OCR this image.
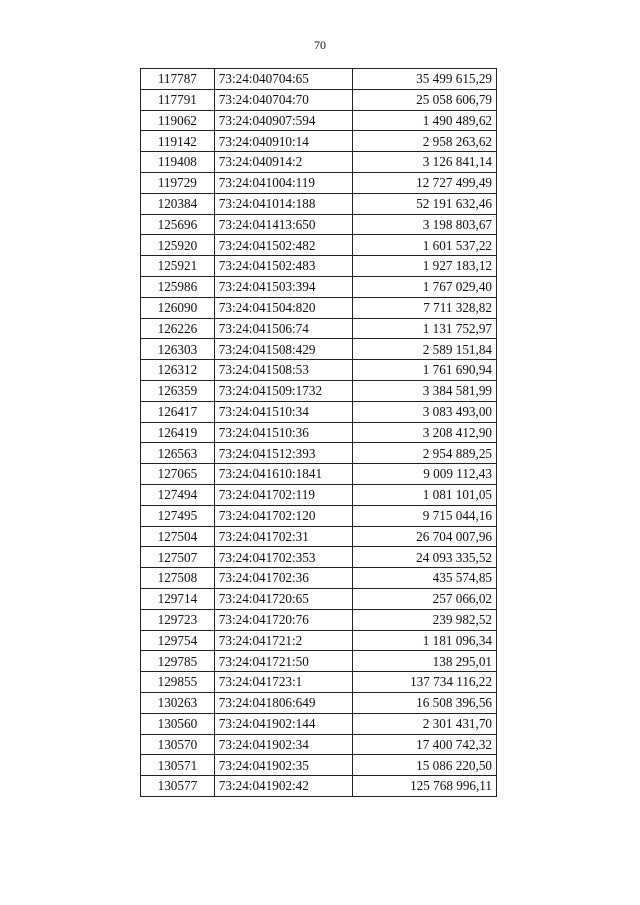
70
117787	73:24:040704:65	35 499 615,29
117791	73:24:040704:70	25 058 606,79
119062	73:24:040907:594	1 490 489,62
119142	73:24:040910:14	2 958 263,62
119408	73:24:040914:2	3 126 841,14
119729	73:24:041004:119	12 727 499,49
120384	73:24:041014:188	52 191 632,46
125696	73:24:041413:650	3 198 803,67
125920	73:24:041502:482	1 601 537,22
125921	73:24:041502:483	1 927 183,12
125986	73:24:041503:394	1 767 029,40
126090	73:24:041504:820	7 711 328,82
126226	73:24:041506:74	1 131 752,97
126303	73:24:041508:429	2 589 151,84
126312	73:24:041508:53	1 761 690,94
126359	73:24:041509:1732	3 384 581,99
126417	73:24:041510:34	3 083 493,00
126419	73:24:041510:36	3 208 412,90
126563	73:24:041512:393	2 954 889,25
127065	73:24:041610:1841	9 009 112,43
127494	73:24:041702:119	1 081 101,05
127495	73:24:041702:120	9 715 044,16
127504	73:24:041702:31	26 704 007,96
127507	73:24:041702:353	24 093 335,52
127508	73:24:041702:36	435 574,85
129714	73:24:041720:65	257 066,02
129723	73:24:041720:76	239 982,52
129754	73:24:041721:2	1 181 096,34
129785	73:24:041721:50	138 295,01
129855	73:24:041723:1	137 734 116,22
130263	73:24:041806:649	16 508 396,56
130560	73:24:041902:144	2 301 431,70
130570	73:24:041902:34	17 400 742,32
130571	73:24:041902:35	15 086 220,50
130577	73:24:041902:42	125 768 996,11
